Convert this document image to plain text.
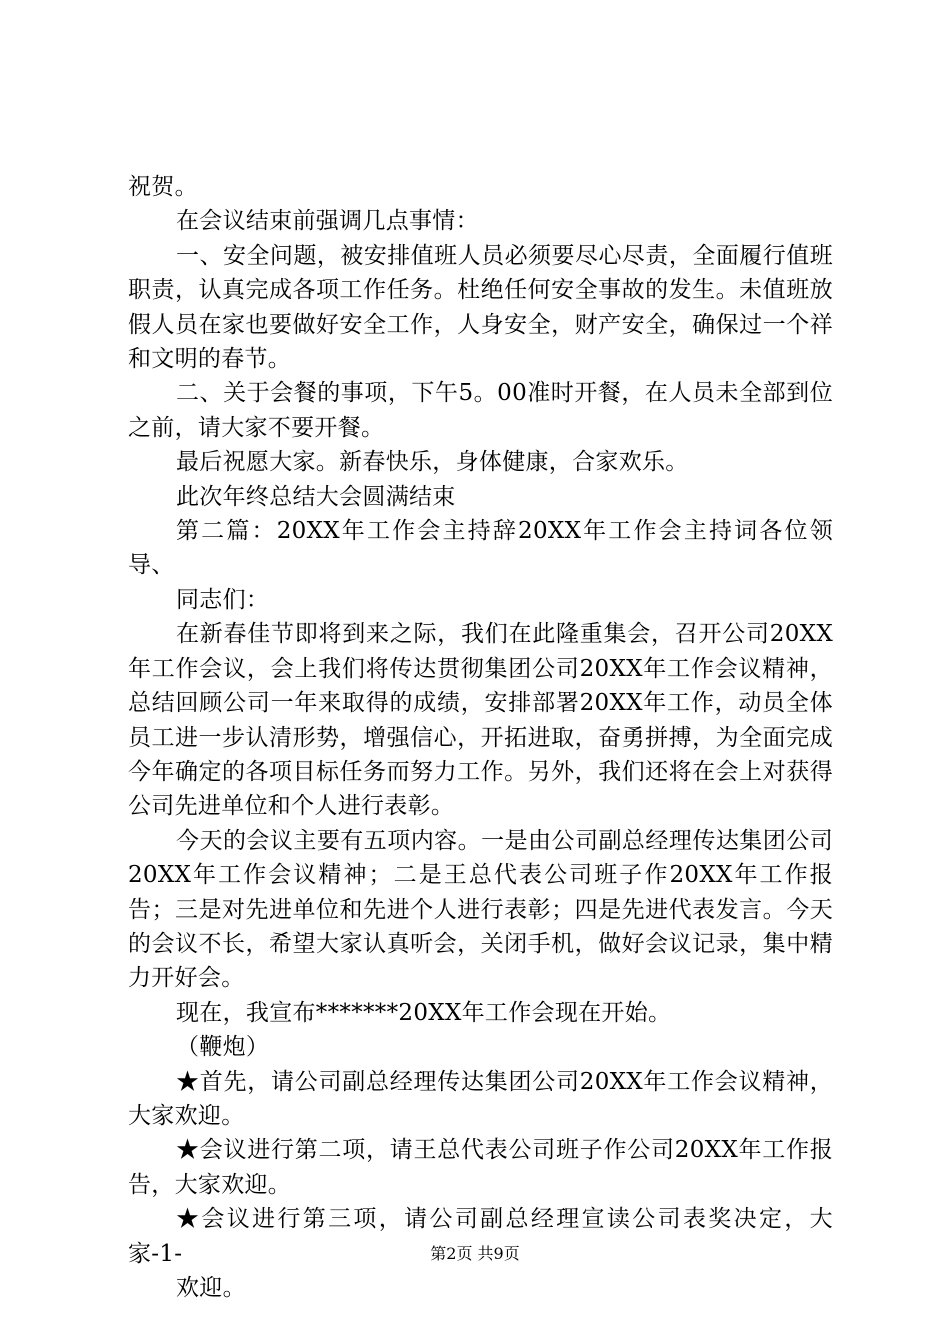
祝贺。

在会议结束前强调几点事情：

一、安全问题，被安排值班人员必须要尽心尽责，全面履行值班职责，认真完成各项工作任务。杜绝任何安全事故的发生。未值班放假人员在家也要做好安全工作，人身安全，财产安全，确保过一个祥和文明的春节。

二、关于会餐的事项，下午5。00准时开餐，在人员未全部到位之前，请大家不要开餐。

最后祝愿大家。新春快乐，身体健康，合家欢乐。

此次年终总结大会圆满结束

第二篇：20XX年工作会主持辞20XX年工作会主持词各位领导、

同志们：

在新春佳节即将到来之际，我们在此隆重集会，召开公司20XX年工作会议，会上我们将传达贯彻集团公司20XX年工作会议精神，总结回顾公司一年来取得的成绩，安排部署20XX年工作，动员全体员工进一步认清形势，增强信心，开拓进取，奋勇拼搏，为全面完成今年确定的各项目标任务而努力工作。另外，我们还将在会上对获得公司先进单位和个人进行表彰。

今天的会议主要有五项内容。一是由公司副总经理传达集团公司20XX年工作会议精神；二是王总代表公司班子作20XX年工作报告；三是对先进单位和先进个人进行表彰；四是先进代表发言。今天的会议不长，希望大家认真听会，关闭手机，做好会议记录，集中精力开好会。

现在，我宣布*******20XX年工作会现在开始。

（鞭炮）

★首先，请公司副总经理传达集团公司20XX年工作会议精神，大家欢迎。

★会议进行第二项，请王总代表公司班子作公司20XX年工作报告，大家欢迎。

★会议进行第三项，请公司副总经理宣读公司表奖决定，大家-1-

欢迎。

第2页 共9页
